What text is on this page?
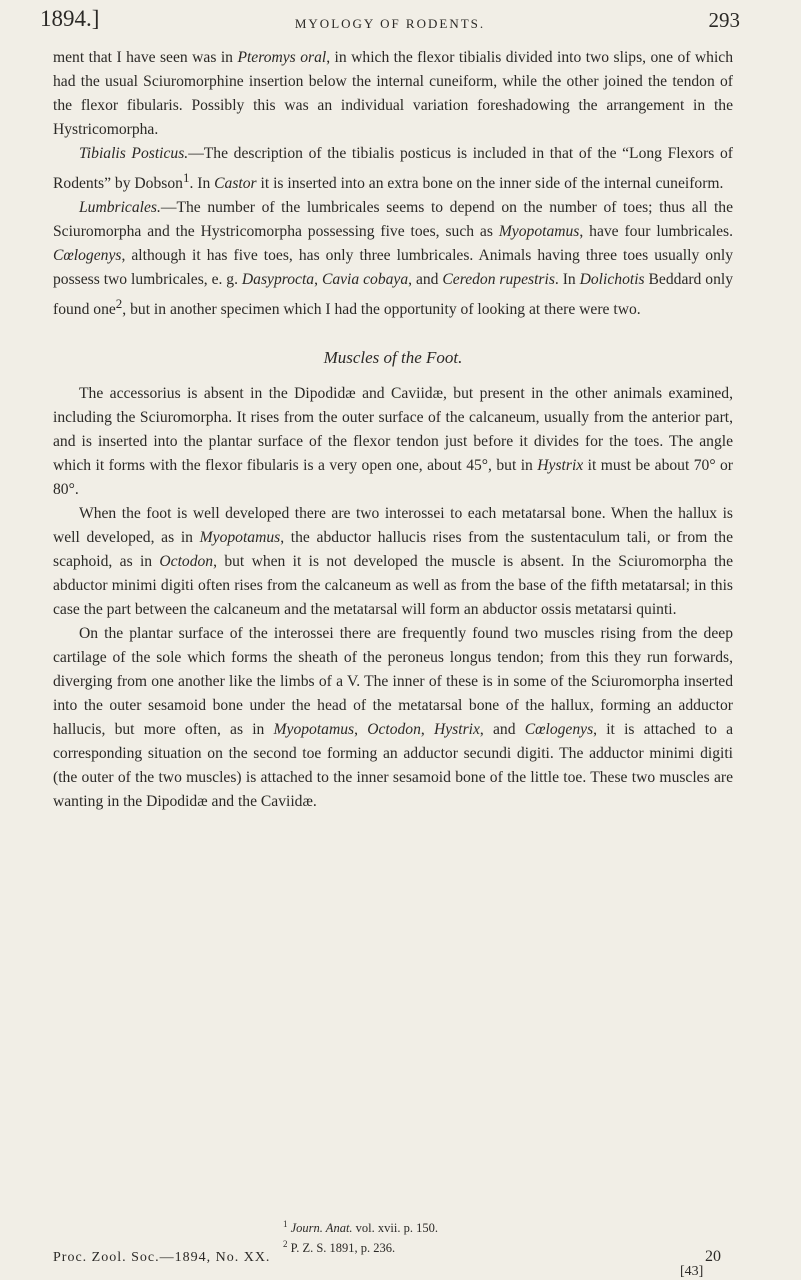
1894.]	MYOLOGY OF RODENTS.	293

ment that I have seen was in Pteromys oral, in which the flexor tibialis divided into two slips, one of which had the usual Sciuromorphine insertion below the internal cuneiform, while the other joined the tendon of the flexor fibularis. Possibly this was an individual variation foreshadowing the arrangement in the Hystricomorpha.

Tibialis Posticus.—The description of the tibialis posticus is included in that of the “Long Flexors of Rodents” by Dobson$^1$. In Castor it is inserted into an extra bone on the inner side of the internal cuneiform.

Lumbricales.—The number of the lumbricales seems to depend on the number of toes; thus all the Sciuromorpha and the Hystricomorpha possessing five toes, such as Myopotamus, have four lumbricales. Cœlogenys, although it has five toes, has only three lumbricales. Animals having three toes usually only possess two lumbricales, e. g. Dasyprocta, Cavia cobaya, and Ceredon rupestris. In Dolichotis Beddard only found one$^2$, but in another specimen which I had the opportunity of looking at there were two.

Muscles of the Foot.

The accessorius is absent in the Dipodidæ and Caviidæ, but present in the other animals examined, including the Sciuromorpha. It rises from the outer surface of the calcaneum, usually from the anterior part, and is inserted into the plantar surface of the flexor tendon just before it divides for the toes. The angle which it forms with the flexor fibularis is a very open one, about 45°, but in Hystrix it must be about 70° or 80°.

When the foot is well developed there are two interossei to each metatarsal bone. When the hallux is well developed, as in Myopotamus, the abductor hallucis rises from the sustentaculum tali, or from the scaphoid, as in Octodon, but when it is not developed the muscle is absent. In the Sciuromorpha the abductor minimi digiti often rises from the calcaneum as well as from the base of the fifth metatarsal; in this case the part between the calcaneum and the metatarsal will form an abductor ossis metatarsi quinti.

On the plantar surface of the interossei there are frequently found two muscles rising from the deep cartilage of the sole which forms the sheath of the peroneus longus tendon; from this they run forwards, diverging from one another like the limbs of a V. The inner of these is in some of the Sciuromorpha inserted into the outer sesamoid bone under the head of the metatarsal bone of the hallux, forming an adductor hallucis, but more often, as in Myopotamus, Octodon, Hystrix, and Cœlogenys, it is attached to a corresponding situation on the second toe forming an adductor secundi digiti. The adductor minimi digiti (the outer of the two muscles) is attached to the inner sesamoid bone of the little toe. These two muscles are wanting in the Dipodidæ and the Caviidæ.

$^1$ Journ. Anat. vol. xvii. p. 150.
$^2$ P. Z. S. 1891, p. 236.
Proc. Zool. Soc.—1894, No. XX.	20
[43]
